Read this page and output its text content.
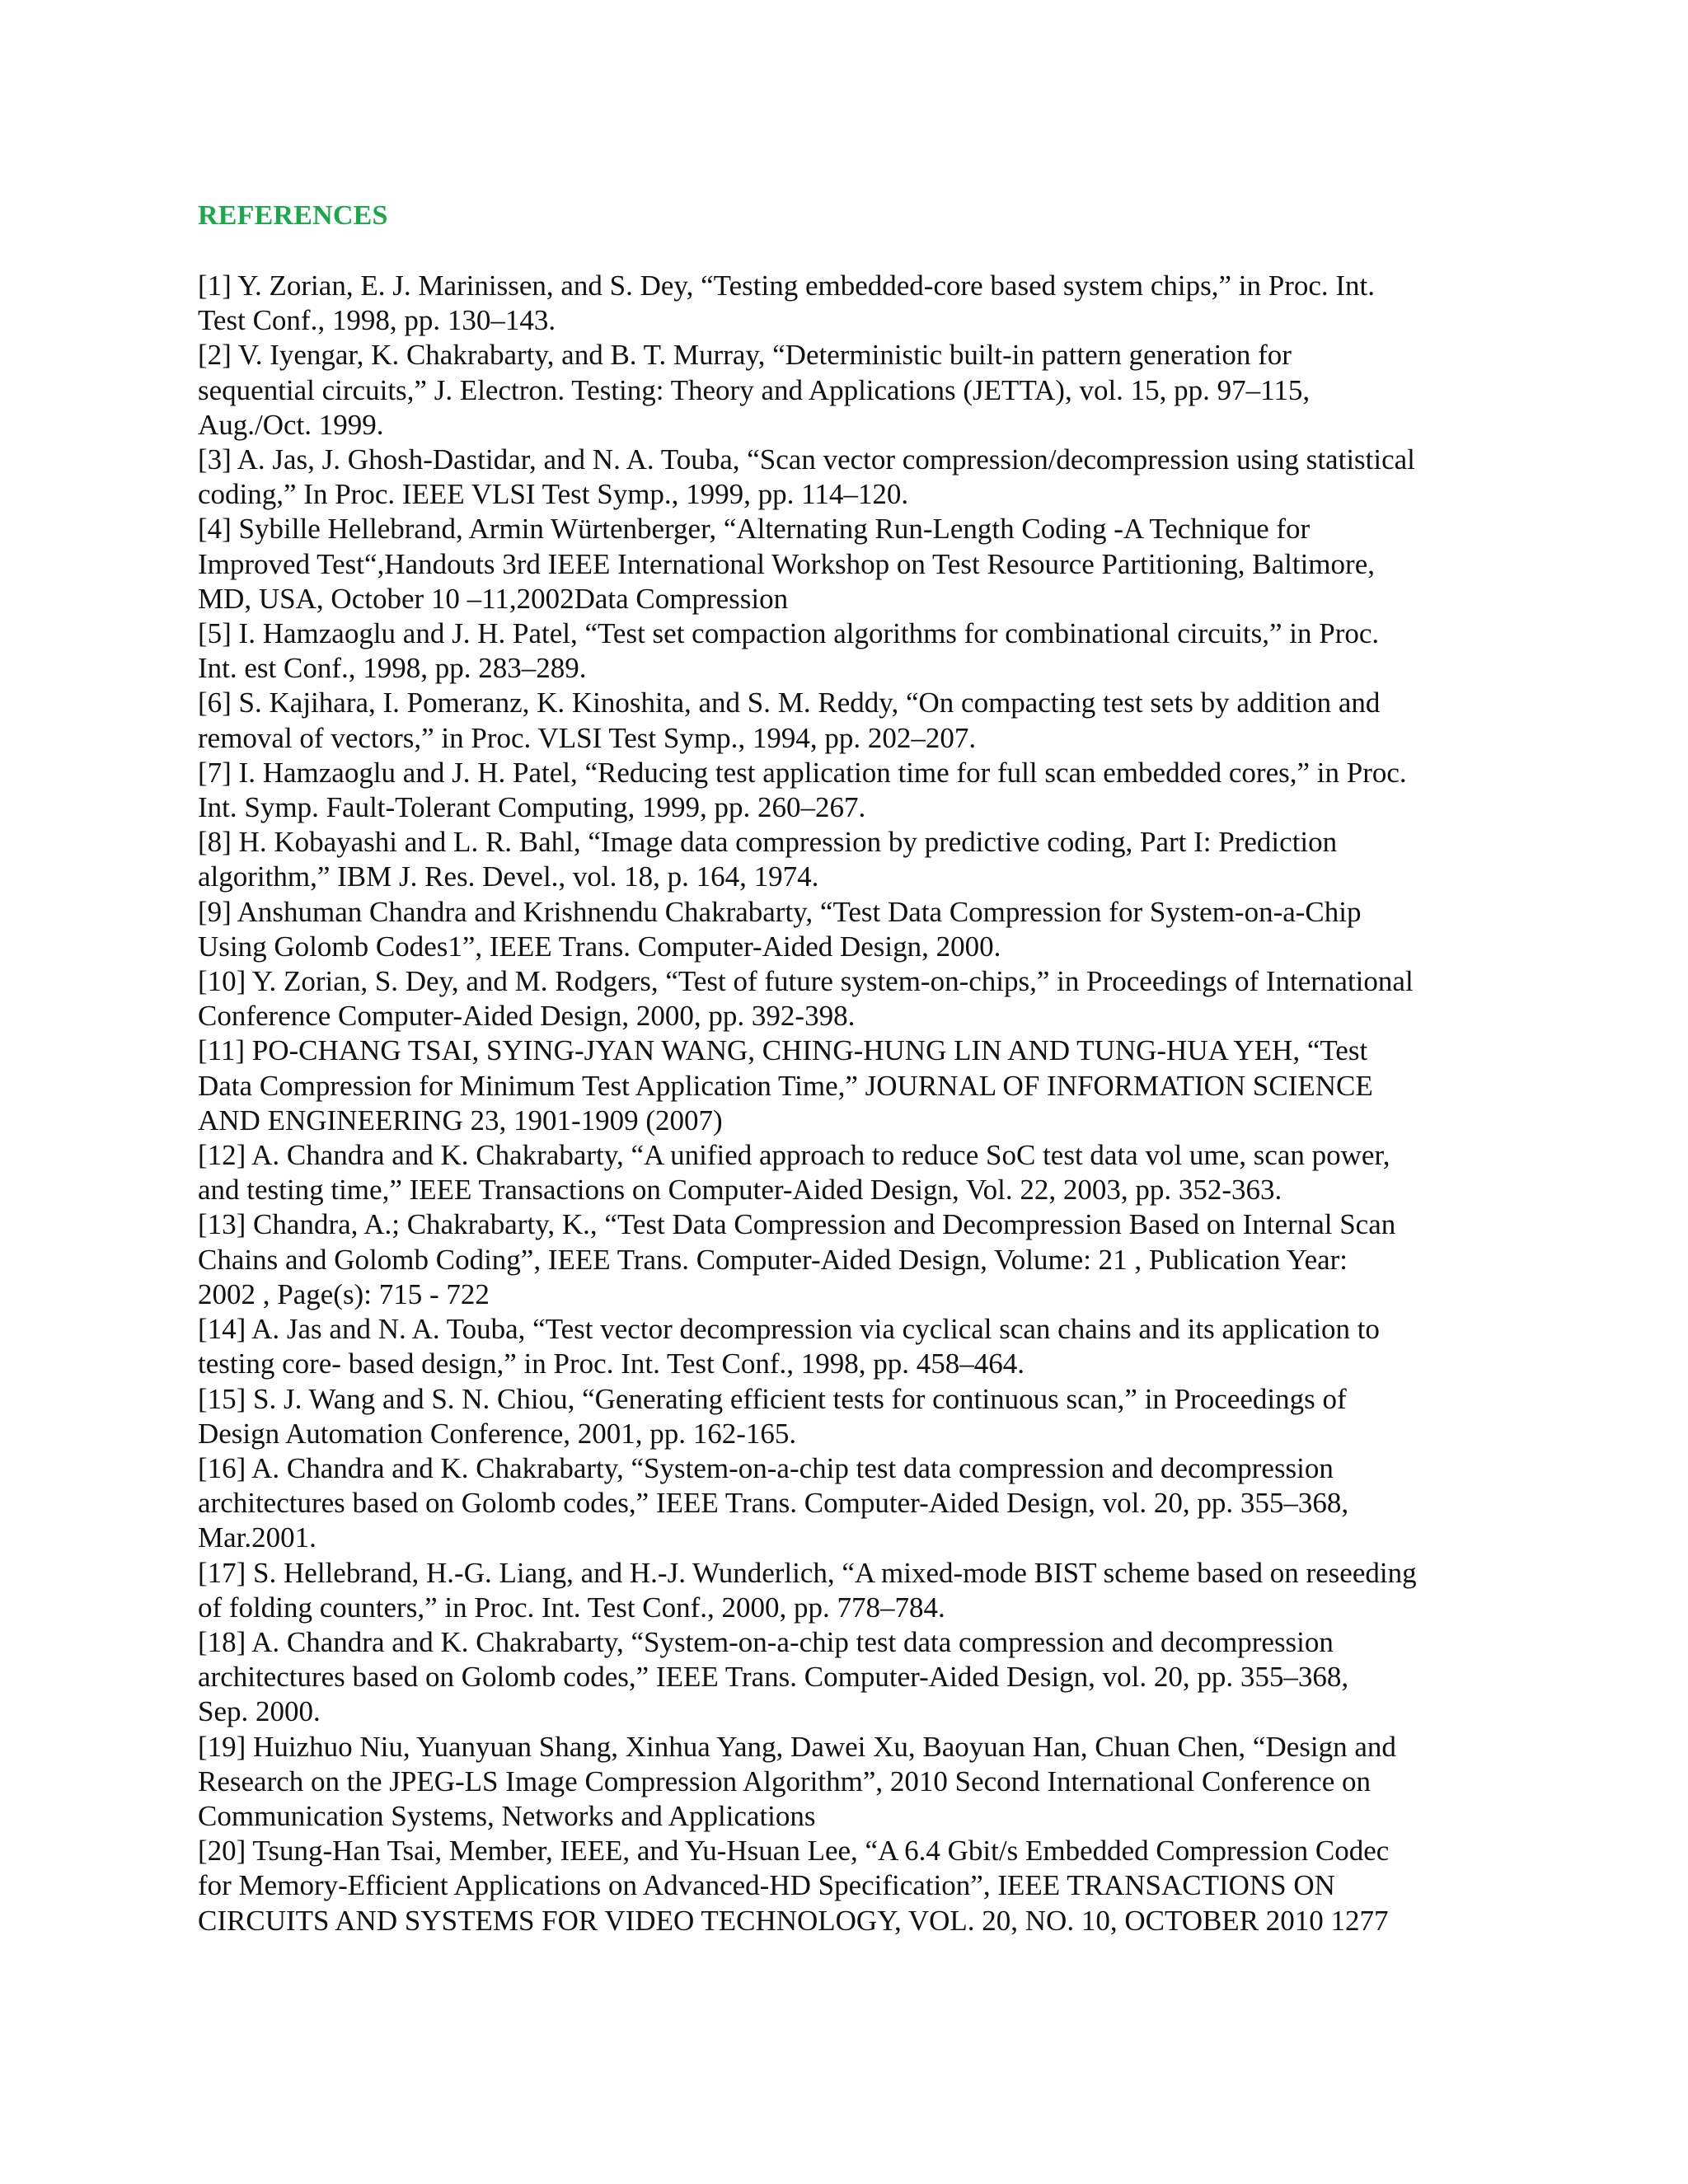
REFERENCES
[1] Y. Zorian, E. J. Marinissen, and S. Dey, “Testing embedded-core based system chips,” in Proc. Int.
Test Conf., 1998, pp. 130–143.
[2] V. Iyengar, K. Chakrabarty, and B. T. Murray, “Deterministic built-in pattern generation for
sequential circuits,” J. Electron. Testing: Theory and Applications (JETTA), vol. 15, pp. 97–115,
Aug./Oct. 1999.
[3] A. Jas, J. Ghosh-Dastidar, and N. A. Touba, “Scan vector compression/decompression using statistical
coding,” In Proc. IEEE VLSI Test Symp., 1999, pp. 114–120.
[4] Sybille Hellebrand, Armin Würtenberger, “Alternating Run-Length Coding -A Technique for
Improved Test“,Handouts 3rd IEEE International Workshop on Test Resource Partitioning, Baltimore,
MD, USA, October 10 –11,2002Data Compression
[5] I. Hamzaoglu and J. H. Patel, “Test set compaction algorithms for combinational circuits,” in Proc.
Int. est Conf., 1998, pp. 283–289.
[6] S. Kajihara, I. Pomeranz, K. Kinoshita, and S. M. Reddy, “On compacting test sets by addition and
removal of vectors,” in Proc. VLSI Test Symp., 1994, pp. 202–207.
[7] I. Hamzaoglu and J. H. Patel, “Reducing test application time for full scan embedded cores,” in Proc.
Int. Symp. Fault-Tolerant Computing, 1999, pp. 260–267.
[8] H. Kobayashi and L. R. Bahl, “Image data compression by predictive coding, Part I: Prediction
algorithm,” IBM J. Res. Devel., vol. 18, p. 164, 1974.
[9] Anshuman Chandra and Krishnendu Chakrabarty, “Test Data Compression for System-on-a-Chip
Using Golomb Codes1”, IEEE Trans. Computer-Aided Design, 2000.
[10] Y. Zorian, S. Dey, and M. Rodgers, “Test of future system-on-chips,” in Proceedings of International
Conference Computer-Aided Design, 2000, pp. 392-398.
[11] PO-CHANG TSAI, SYING-JYAN WANG, CHING-HUNG LIN AND TUNG-HUA YEH, “Test
Data Compression for Minimum Test Application Time,” JOURNAL OF INFORMATION SCIENCE
AND ENGINEERING 23, 1901-1909 (2007)
[12] A. Chandra and K. Chakrabarty, “A unified approach to reduce SoC test data vol ume, scan power,
and testing time,” IEEE Transactions on Computer-Aided Design, Vol. 22, 2003, pp. 352-363.
[13] Chandra, A.; Chakrabarty, K., “Test Data Compression and Decompression Based on Internal Scan
Chains and Golomb Coding”, IEEE Trans. Computer-Aided Design, Volume: 21 , Publication Year:
2002 , Page(s): 715 - 722
[14] A. Jas and N. A. Touba, “Test vector decompression via cyclical scan chains and its application to
testing core- based design,” in Proc. Int. Test Conf., 1998, pp. 458–464.
[15] S. J. Wang and S. N. Chiou, “Generating efficient tests for continuous scan,” in Proceedings of
Design Automation Conference, 2001, pp. 162-165.
[16] A. Chandra and K. Chakrabarty, “System-on-a-chip test data compression and decompression
architectures based on Golomb codes,” IEEE Trans. Computer-Aided Design, vol. 20, pp. 355–368,
Mar.2001.
[17] S. Hellebrand, H.-G. Liang, and H.-J. Wunderlich, “A mixed-mode BIST scheme based on reseeding
of folding counters,” in Proc. Int. Test Conf., 2000, pp. 778–784.
[18] A. Chandra and K. Chakrabarty, “System-on-a-chip test data compression and decompression
architectures based on Golomb codes,” IEEE Trans. Computer-Aided Design, vol. 20, pp. 355–368,
Sep. 2000.
[19] Huizhuo Niu, Yuanyuan Shang, Xinhua Yang, Dawei Xu, Baoyuan Han, Chuan Chen, “Design and
Research on the JPEG-LS Image Compression Algorithm”, 2010 Second International Conference on
Communication Systems, Networks and Applications
[20] Tsung-Han Tsai, Member, IEEE, and Yu-Hsuan Lee, “A 6.4 Gbit/s Embedded Compression Codec
for Memory-Efficient Applications on Advanced-HD Specification”, IEEE TRANSACTIONS ON
CIRCUITS AND SYSTEMS FOR VIDEO TECHNOLOGY, VOL. 20, NO. 10, OCTOBER 2010 1277
